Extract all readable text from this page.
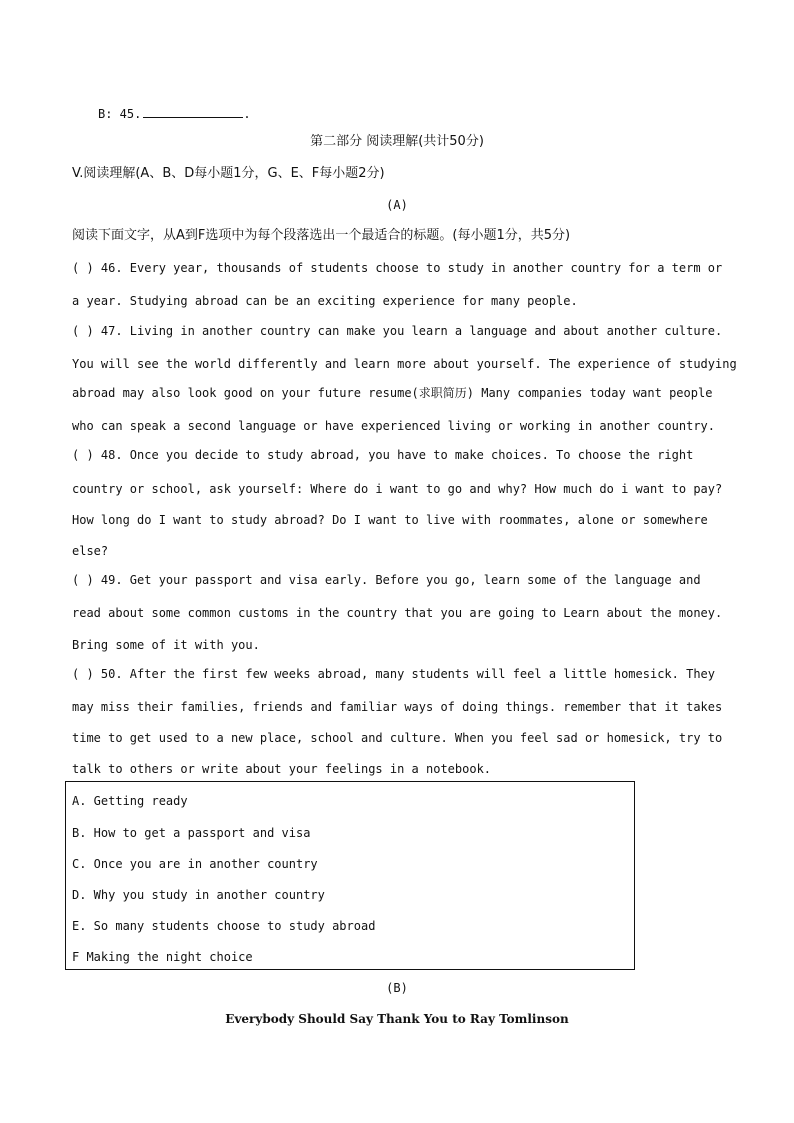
B: 45.	.
第二部分 阅读理解(共计50分)
V.阅读理解(A、B、D每小题1分，G、E、F每小题2分)
(A)
阅读下面文字，从A到F选项中为每个段落选出一个最适合的标题。(每小题1分，共5分)
( ) 46. Every year, thousands of students choose to study in another country for a term or
a year. Studying abroad can be an exciting experience for many people.
( ) 47. Living in another country can make you learn a language and about another culture.
You will see the world differently and learn more about yourself. The experience of studying
abroad may also look good on your future resume(求职简历) Many companies today want people
who can speak a second language or have experienced living or working in another country.
( ) 48. Once you decide to study abroad, you have to make choices. To choose the right
country or school, ask yourself: Where do i want to go and why? How much do i want to pay?
How long do I want to study abroad? Do I want to live with roommates, alone or somewhere
else?
( ) 49. Get your passport and visa early. Before you go, learn some of the language and
read about some common customs in the country that you are going to Learn about the money.
Bring some of it with you.
( ) 50. After the first few weeks abroad, many students will feel a little homesick. They
may miss their families, friends and familiar ways of doing things. remember that it takes
time to get used to a new place, school and culture. When you feel sad or homesick, try to
talk to others or write about your feelings in a notebook.
A. Getting ready
B. How to get a passport and visa
C. Once you are in another country
D. Why you study in another country
E. So many students choose to study abroad
F Making the night choice
(B)
Everybody Should Say Thank You to Ray Tomlinson
